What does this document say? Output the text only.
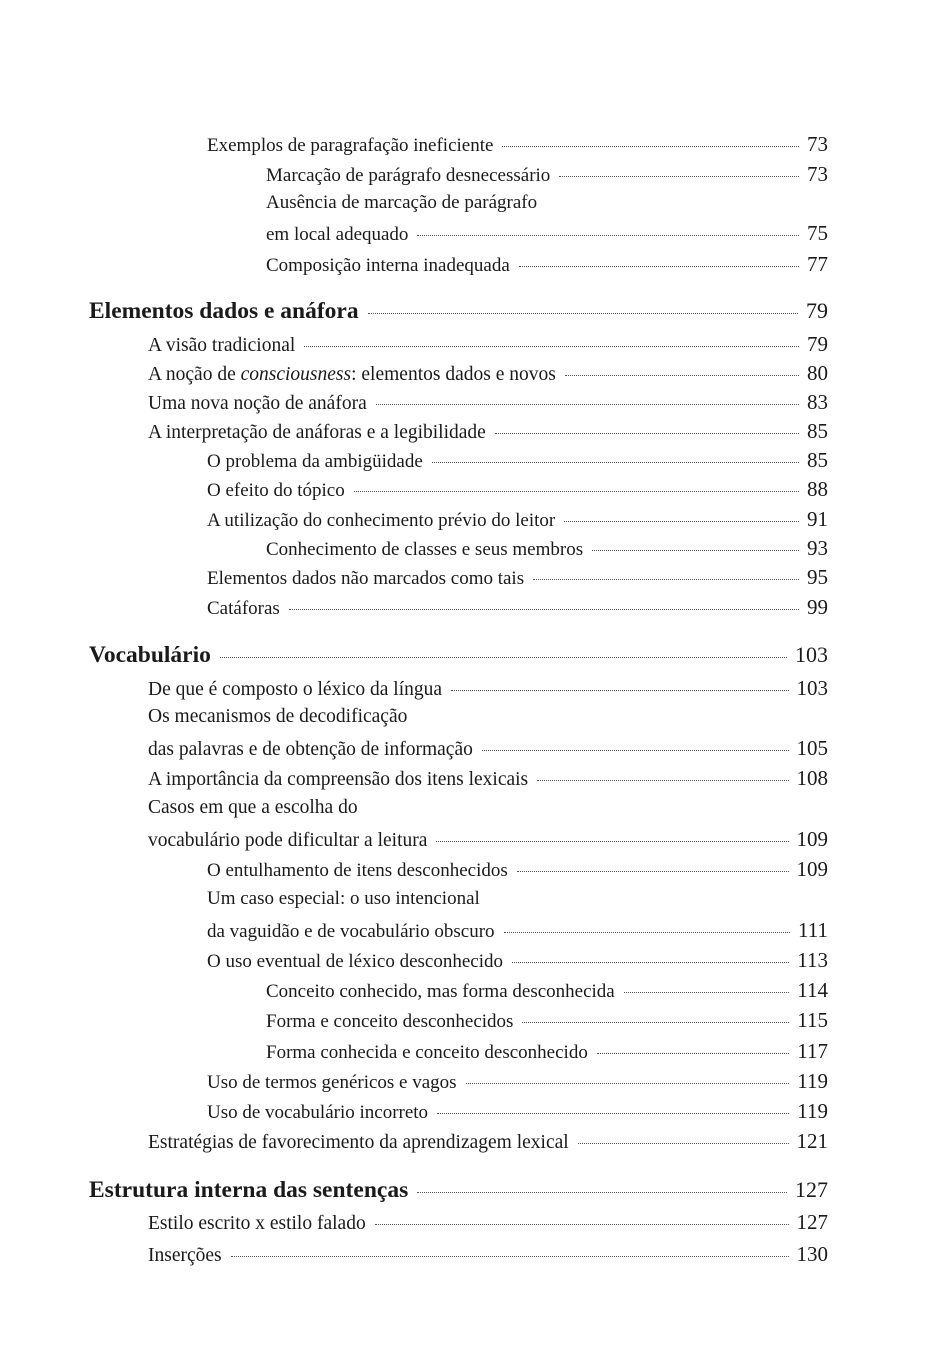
Exemplos de paragrafação ineficiente	73
Marcação de parágrafo desnecessário	73
Ausência de marcação de parágrafo
em local adequado	75
Composição interna inadequada	77
Elementos dados e anáfora	79
A visão tradicional	79
A noção de consciousness: elementos dados e novos	80
Uma nova noção de anáfora	83
A interpretação de anáforas e a legibilidade	85
O problema da ambigüidade	85
O efeito do tópico	88
A utilização do conhecimento prévio do leitor	91
Conhecimento de classes e seus membros	93
Elementos dados não marcados como tais	95
Catáforas	99
Vocabulário	103
De que é composto o léxico da língua	103
Os mecanismos de decodificação
das palavras e de obtenção de informação	105
A importância da compreensão dos itens lexicais	108
Casos em que a escolha do
vocabulário pode dificultar a leitura	109
O entulhamento de itens desconhecidos	109
Um caso especial: o uso intencional
da vaguidão e de vocabulário obscuro	111
O uso eventual de léxico desconhecido	113
Conceito conhecido, mas forma desconhecida	114
Forma e conceito desconhecidos	115
Forma conhecida e conceito desconhecido	117
Uso de termos genéricos e vagos	119
Uso de vocabulário incorreto	119
Estratégias de favorecimento da aprendizagem lexical	121
Estrutura interna das sentenças	127
Estilo escrito x estilo falado	127
Inserções	130
